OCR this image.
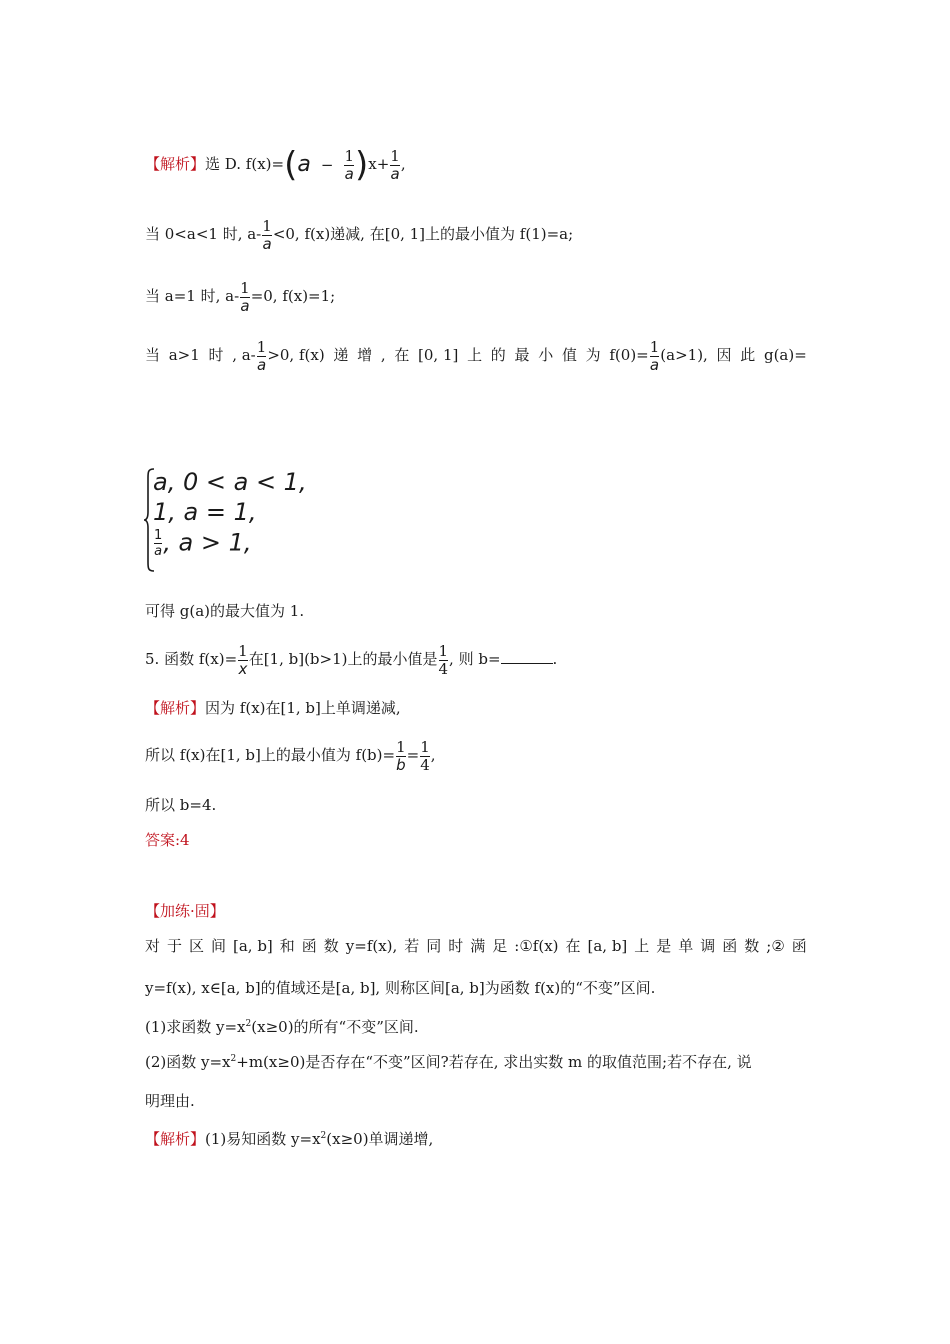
【解析】选 D. $f(x)=(a - \frac{1}{a} )x+ \frac{1}{a}$ ,
当 0<a<1 时, $a- \frac{1}{a} <0$, f(x)递减, 在[0, 1]上的最小值为 f(1)=a;
当 a=1 时, $a- \frac{1}{a} =0$, f(x)=1;
当 a>1 时 , $a- \frac{1}{a} >0$, f(x) 递 增 , 在 [0, 1] 上 的 最 小 值 为 $f(0)= \frac{1}{a} (a>1)$, 因 此 g(a)=
a, 0 < a < 1,
1, a = 1,
$\frac{1}{a}$ , a > 1,
可得 g(a)的最大值为 1.
5. 函数 $f(x)= \frac{1}{x}$ 在[1, b](b>1)上的最小值是 $\frac{1}{4}$ , 则 b=	.
【解析】因为 f(x)在[1, b]上单调递减,
所以 f(x)在[1, b]上的最小值为 $f(b)= \frac{1}{b} = \frac{1}{4}$ ,
所以 b=4.
答案:4
【加练·固】
对 于 区 间 [a, b] 和 函 数 y=f(x), 若 同 时 满 足 :①f(x) 在 [a, b] 上 是 单 调 函 数 ;② 函
y=f(x), x∈[a, b]的值域还是[a, b], 则称区间[a, b]为函数 f(x)的“不变”区间.
(1)求函数 $y=x^2(x\ge 0)$的所有“不变”区间.
(2)函数 $y=x^2+m(x\ge 0)$是否存在“不变”区间?若存在, 求出实数 m 的取值范围;若不存在, 说
明理由.
【解析】(1)易知函数 $y=x^2(x\ge 0)$单调递增,
